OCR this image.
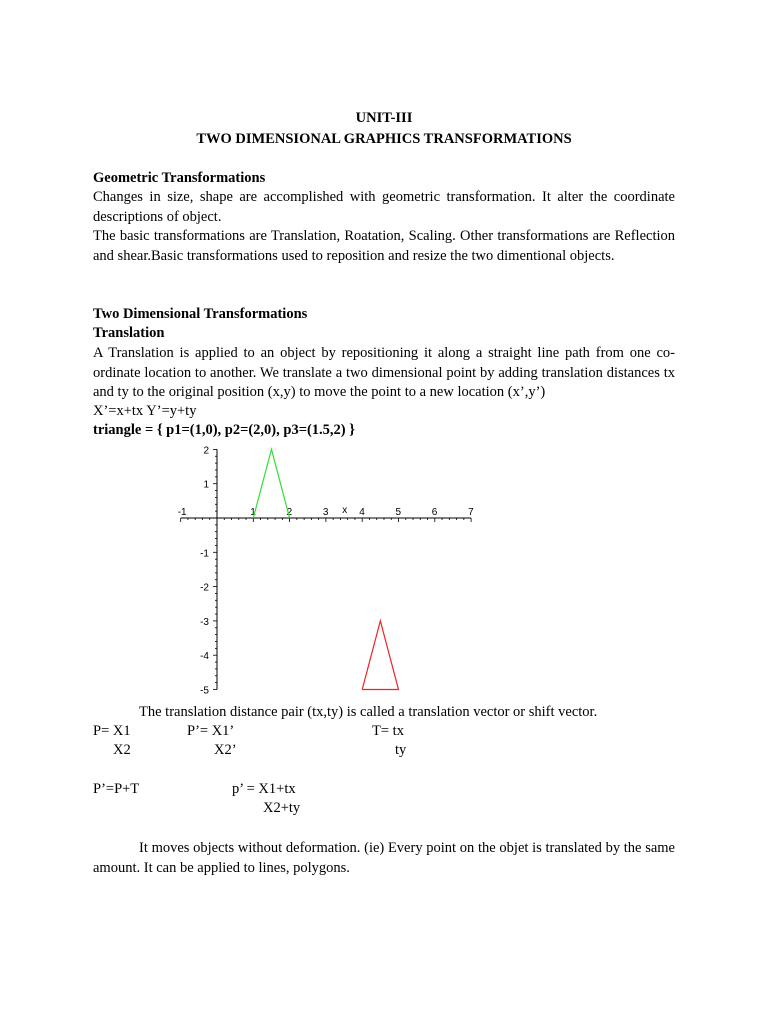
UNIT-III
TWO DIMENSIONAL GRAPHICS TRANSFORMATIONS
Geometric Transformations
Changes in size, shape are accomplished with geometric transformation. It alter the coordinate descriptions of object.
The basic transformations are Translation, Roatation, Scaling. Other transformations are Reflection and shear.Basic transformations used to reposition and resize the two dimentional objects.
Two Dimensional Transformations
Translation
A Translation is applied to an object by repositioning it along a straight line path from one co-ordinate location to another. We translate a two dimensional point by adding translation distances tx and ty to the original position (x,y) to move the point to a new location (x’,y’)
X’=x+tx Y’=y+ty
triangle = { p1=(1,0), p2=(2,0), p3=(1.5,2) }
-1	1	2	3	4	5	6	7
x
2
1
-1
-2
-3
-4
-5
The translation distance pair (tx,ty) is called a translation vector or shift vector.
P= X1
X2
P’= X1’
X2’
T= tx
ty
P’=P+T	p’ = X1+tx
X2+ty
It moves objects without deformation. (ie) Every point on the objet is translated by the same amount. It can be applied to lines, polygons.
